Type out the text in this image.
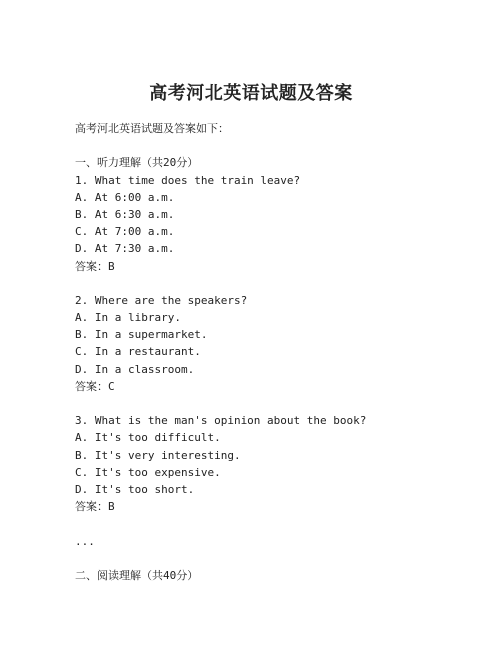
高考河北英语试题及答案
高考河北英语试题及答案如下：
一、听力理解（共20分）
1. What time does the train leave?
A. At 6:00 a.m.
B. At 6:30 a.m.
C. At 7:00 a.m.
D. At 7:30 a.m.
答案：B
2. Where are the speakers?
A. In a library.
B. In a supermarket.
C. In a restaurant.
D. In a classroom.
答案：C
3. What is the man's opinion about the book?
A. It's too difficult.
B. It's very interesting.
C. It's too expensive.
D. It's too short.
答案：B
...
二、阅读理解（共40分）
